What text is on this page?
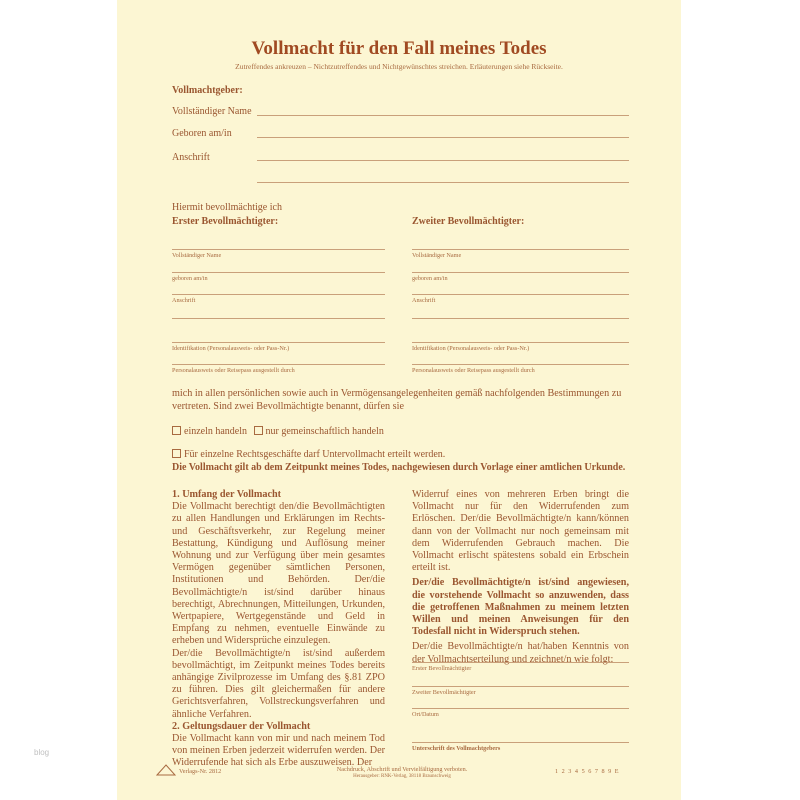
Vollmacht für den Fall meines Todes
Zutreffendes ankreuzen – Nichtzutreffendes und Nichtgewünschtes streichen. Erläuterungen siehe Rückseite.
Vollmachtgeber:
Vollständiger Name
Geboren am/in
Anschrift
Hiermit bevollmächtige ich
Erster Bevollmächtigter:
Vollständiger Name
geboren am/in
Anschrift
Identifikation (Personalausweis- oder Pass-Nr.)
Personalausweis oder Reisepass ausgestellt durch
Zweiter Bevollmächtigter:
Vollständiger Name
geboren am/in
Anschrift
Identifikation (Personalausweis- oder Pass-Nr.)
Personalausweis oder Reisepass ausgestellt durch
mich in allen persönlichen sowie auch in Vermögensangelegenheiten gemäß nachfolgenden Bestimmungen zu
vertreten. Sind zwei Bevollmächtigte benannt, dürfen sie
einzeln handeln nur gemeinschaftlich handeln
Für einzelne Rechtsgeschäfte darf Untervollmacht erteilt werden.
Die Vollmacht gilt ab dem Zeitpunkt meines Todes, nachgewiesen durch Vorlage einer amtlichen Urkunde.

1. Umfang der Vollmacht

Die Vollmacht berechtigt den/die Bevollmächtigten zu allen Handlungen und Erklärungen im Rechts- und Geschäftsverkehr, zur Regelung meiner Bestattung, Kündigung und Auflösung meiner Wohnung und zur Verfügung über mein gesamtes Vermögen gegenüber sämtlichen Personen, Institutionen und Behörden. Der/die Bevollmächtigte/n ist/sind darüber hinaus berechtigt, Abrechnungen, Mitteilungen, Urkunden, Wertpapiere, Wertgegenstände und Geld in Empfang zu nehmen, eventuelle Einwände zu erheben und Widersprüche einzulegen.

Der/die Bevollmächtigte/n ist/sind außerdem bevollmächtigt, im Zeitpunkt meines Todes bereits anhängige Zivilprozesse im Umfang des §.81 ZPO zu führen. Dies gilt gleichermaßen für andere Gerichtsverfahren, Vollstreckungsverfahren und ähnliche Verfahren.

2. Geltungsdauer der Vollmacht

Die Vollmacht kann von mir und nach meinem Tod von meinen Erben jederzeit widerrufen werden. Der Widerrufende hat sich als Erbe auszuweisen. Der

Widerruf eines von mehreren Erben bringt die Vollmacht nur für den Widerrufenden zum Erlöschen. Der/die Bevollmächtigte/n kann/können dann von der Vollmacht nur noch gemeinsam mit dem Widerrufenden Gebrauch machen. Die Vollmacht erlischt spätestens sobald ein Erbschein erteilt ist.

Der/die Bevollmächtigte/n ist/sind angewiesen, die vorstehende Vollmacht so anzuwenden, dass die getroffenen Maßnahmen zu meinem letzten Willen und meinen Anweisungen für den Todesfall nicht in Widerspruch stehen.

Der/die Bevollmächtigte/n hat/haben Kenntnis von der Vollmachtserteilung und zeichnet/n wie folgt:

Erster Bevollmächtigter
Zweiter Bevollmächtigter
Ort/Datum
Unterschrift des Vollmachtgebers
Verlags-Nr. 2812	Nachdruck, Abschrift und Vervielfältigung verboten.
Herausgeber: RNK-Verlag, 38118 Braunschweig
1 2 3 4 5 6 7 8 9 E
blog
